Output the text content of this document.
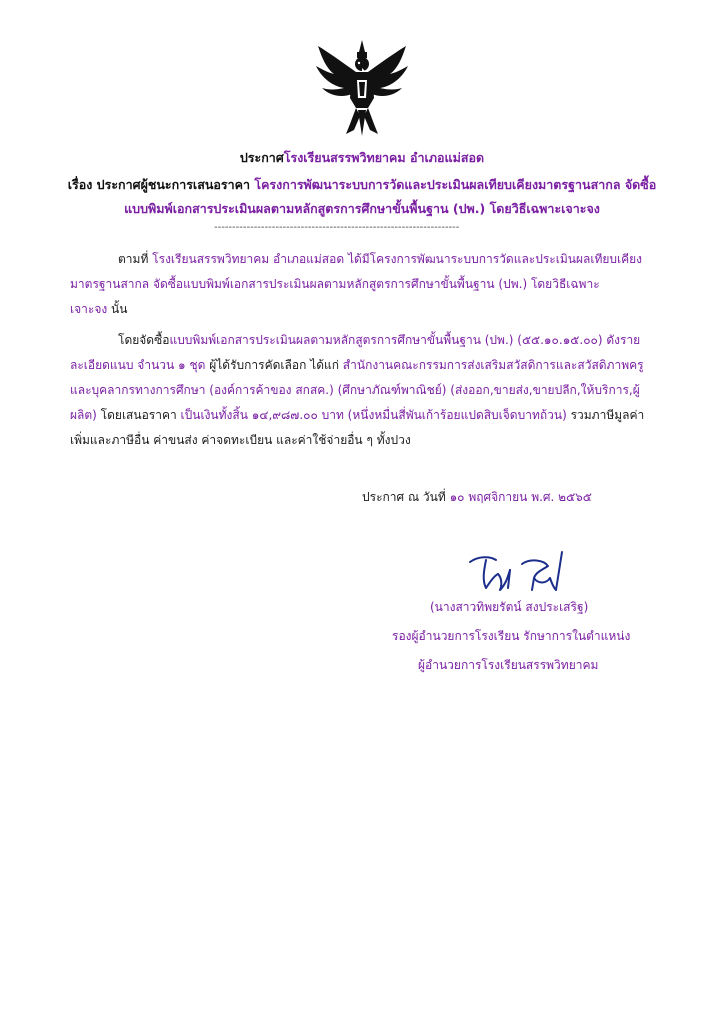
ประกาศโรงเรียนสรรพวิทยาคม อำเภอแม่สอด
เรื่อง ประกาศผู้ชนะการเสนอราคา โครงการพัฒนาระบบการวัดและประเมินผลเทียบเคียงมาตรฐานสากล จัดซื้อ
แบบพิมพ์เอกสารประเมินผลตามหลักสูตรการศึกษาขั้นพื้นฐาน (ปพ.) โดยวิธีเฉพาะเจาะจง
--------------------------------------------------------------------
ตามที่ โรงเรียนสรรพวิทยาคม อำเภอแม่สอด ได้มีโครงการพัฒนาระบบการวัดและประเมินผลเทียบเคียง
มาตรฐานสากล จัดซื้อแบบพิมพ์เอกสารประเมินผลตามหลักสูตรการศึกษาขั้นพื้นฐาน (ปพ.) โดยวิธีเฉพาะ
เจาะจง นั้น
โดยจัดซื้อแบบพิมพ์เอกสารประเมินผลตามหลักสูตรการศึกษาขั้นพื้นฐาน (ปพ.) (๕๕.๑๐.๑๕.๐๐) ดังราย
ละเอียดแนบ จำนวน ๑ ชุด ผู้ได้รับการคัดเลือก ได้แก่ สำนักงานคณะกรรมการส่งเสริมสวัสดิการและสวัสดิภาพครู
และบุคลากรทางการศึกษา (องค์การค้าของ สกสค.) (ศึกษาภัณฑ์พาณิชย์) (ส่งออก,ขายส่ง,ขายปลีก,ให้บริการ,ผู้
ผลิต) โดยเสนอราคา เป็นเงินทั้งสิ้น ๑๔,๙๘๗.๐๐ บาท (หนึ่งหมื่นสี่พันเก้าร้อยแปดสิบเจ็ดบาทถ้วน) รวมภาษีมูลค่า
เพิ่มและภาษีอื่น ค่าขนส่ง ค่าจดทะเบียน และค่าใช้จ่ายอื่น ๆ ทั้งปวง
ประกาศ ณ วันที่ ๑๐ พฤศจิกายน พ.ศ. ๒๕๖๕
(นางสาวทิพยรัตน์ สงประเสริฐ)
รองผู้อำนวยการโรงเรียน รักษาการในตำแหน่ง
ผู้อำนวยการโรงเรียนสรรพวิทยาคม
